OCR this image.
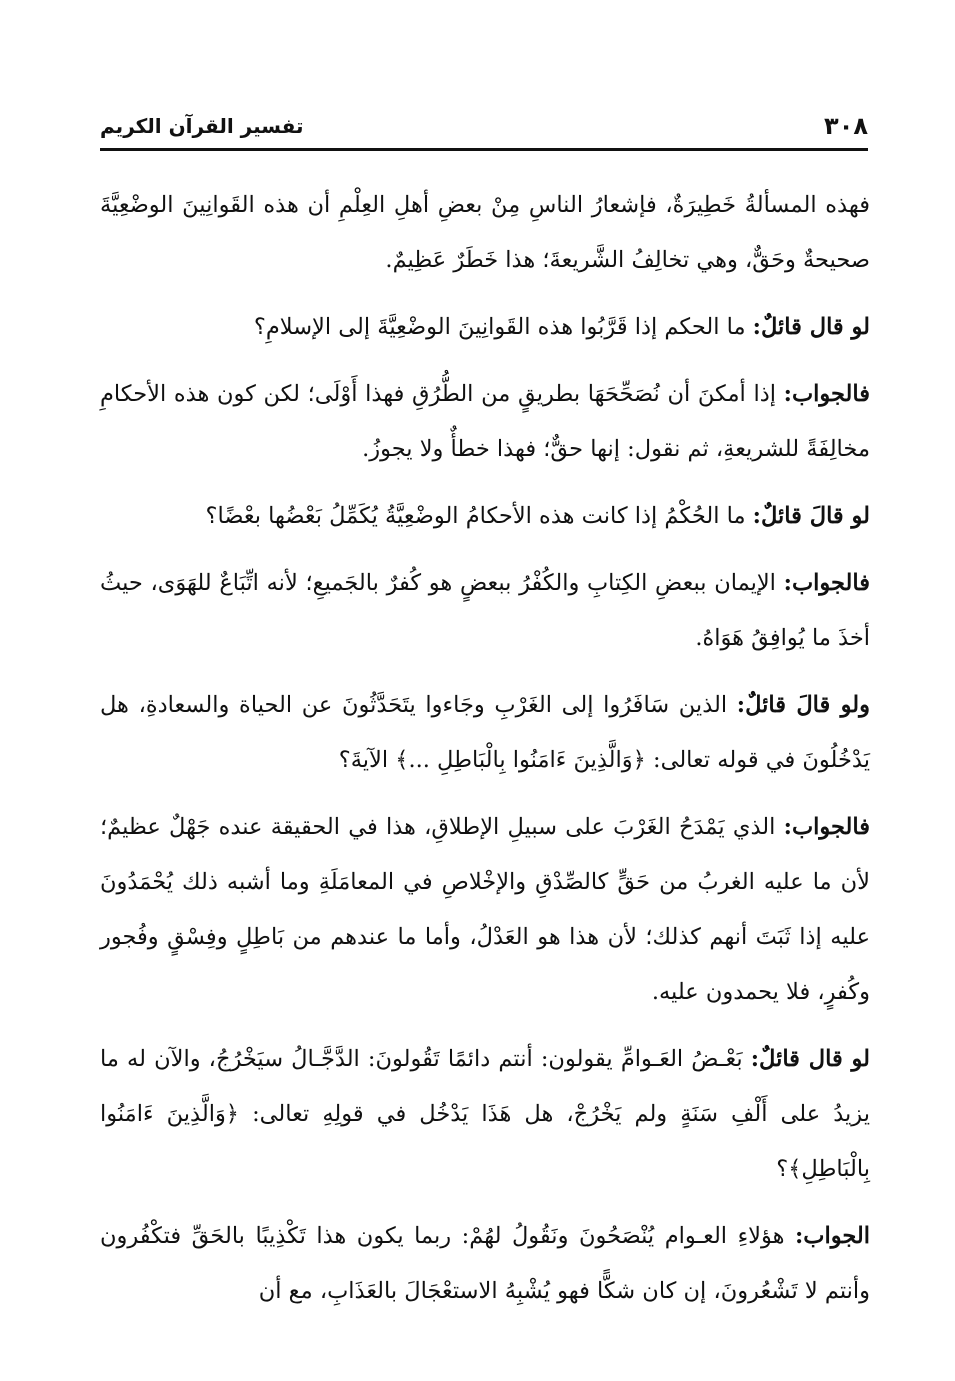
٣٠٨
تفسير القرآن الكريم

فهذه المسألةُ خَطِيرَةٌ، فإشعارُ الناسِ مِنْ بعضِ أهلِ العِلْمِ أن هذه القَوانِينَ الوضْعِيَّةَ صحيحةٌ وحَقٌّ، وهي تخالِفُ الشَّريعةَ؛ هذا خَطَرٌ عَظِيمٌ.

لو قال قائلٌ: ما الحكم إذا قَرَّبُوا هذه القَوانِينَ الوضْعِيَّةَ إلى الإسلامِ؟

فالجواب: إذا أمكنَ أن نُصَحِّحَهَا بطريقٍ من الطُّرُقِ فهذا أَوْلَى؛ لكن كون هذه الأحكامِ مخالِفَةً للشريعةِ، ثم نقول: إنها حقٌّ؛ فهذا خطأٌ ولا يجوزُ.

لو قالَ قائلٌ: ما الحُكْمُ إذا كانت هذه الأحكامُ الوضْعِيَّةُ يُكَمِّلُ بَعْضُها بعْضًا؟

فالجواب: الإيمان ببعضِ الكِتابِ والكُفْرُ ببعضٍ هو كُفرٌ بالجَميعِ؛ لأنه اتِّبَاعٌ للهَوَى، حيثُ أخذَ ما يُوافِقُ هَوَاهُ.

ولو قالَ قائلٌ: الذين سَافَرُوا إلى الغَرْبِ وجَاءوا يتَحَدَّثُونَ عن الحياة والسعادةِ، هل يَدْخُلُونَ في قوله تعالى: ﴿وَالَّذِينَ ءَامَنُوا بِالْبَاطِلِ ...﴾ الآيةَ؟

فالجواب: الذي يَمْدَحُ الغَرْبَ على سبيلِ الإطلاقِ، هذا في الحقيقة عنده جَهْلٌ عظيمٌ؛ لأن ما عليه الغربُ من حَقٍّ كالصِّدْقِ والإخْلاصِ في المعامَلَةِ وما أشبه ذلك يُحْمَدُونَ عليه إذا ثَبَتَ أنهم كذلك؛ لأن هذا هو العَدْلُ، وأما ما عندهم من بَاطِلٍ وفِسْقٍ وفُجور وكُفرٍ، فلا يحمدون عليه.

لو قال قائلٌ: بَعْـضُ العَـوامِّ يقولون: أنتم دائمًا تَقُولونَ: الدَّجَّـالُ سيَخْرُجُ، والآن له ما يزيدُ على أَلْفِ سَنَةٍ ولم يَخْرُجْ، هل هَذَا يَدْخُل في قولِهِ تعالى: ﴿وَالَّذِينَ ءَامَنُوا بِالْبَاطِلِ﴾؟

الجواب: هؤلاءِ العـوام يُنْصَحُونَ ونَقُولُ لهُمْ: ربما يكون هذا تَكْذِيبًا بالحَقِّ فتكْفُرون وأنتم لا تَشْعُرونَ، إن كان شكًّا فهو يُشْبِهُ الاستعْجَالَ بالعَذَابِ، مع أن
